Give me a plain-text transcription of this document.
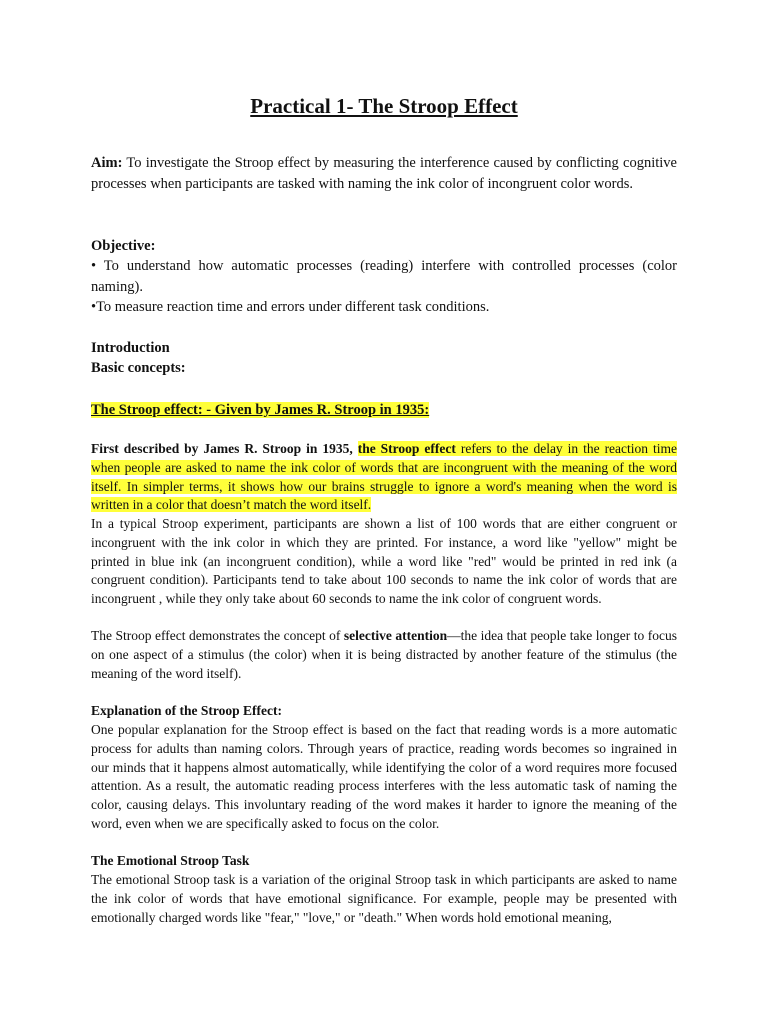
Practical 1- The Stroop Effect

Aim: To investigate the Stroop effect by measuring the interference caused by conflicting cognitive processes when participants are tasked with naming the ink color of incongruent color words.

Objective:

• To understand how automatic processes (reading) interfere with controlled processes (color naming).

•To measure reaction time and errors under different task conditions.

Introduction

Basic concepts:

The Stroop effect: - Given by James R. Stroop in 1935:

First described by James R. Stroop in 1935, the Stroop effect refers to the delay in the reaction time when people are asked to name the ink color of words that are incongruent with the meaning of the word itself. In simpler terms, it shows how our brains struggle to ignore a word's meaning when the word is written in a color that doesn’t match the word itself.

In a typical Stroop experiment, participants are shown a list of 100 words that are either congruent or incongruent with the ink color in which they are printed. For instance, a word like "yellow" might be printed in blue ink (an incongruent condition), while a word like "red" would be printed in red ink (a congruent condition). Participants tend to take about 100 seconds to name the ink color of words that are incongruent , while they only take about 60 seconds to name the ink color of congruent words.

The Stroop effect demonstrates the concept of selective attention—the idea that people take longer to focus on one aspect of a stimulus (the color) when it is being distracted by another feature of the stimulus (the meaning of the word itself).

Explanation of the Stroop Effect:

One popular explanation for the Stroop effect is based on the fact that reading words is a more automatic process for adults than naming colors. Through years of practice, reading words becomes so ingrained in our minds that it happens almost automatically, while identifying the color of a word requires more focused attention. As a result, the automatic reading process interferes with the less automatic task of naming the color, causing delays. This involuntary reading of the word makes it harder to ignore the meaning of the word, even when we are specifically asked to focus on the color.

The Emotional Stroop Task

The emotional Stroop task is a variation of the original Stroop task in which participants are asked to name the ink color of words that have emotional significance. For example, people may be presented with emotionally charged words like "fear," "love," or "death." When words hold emotional meaning,
